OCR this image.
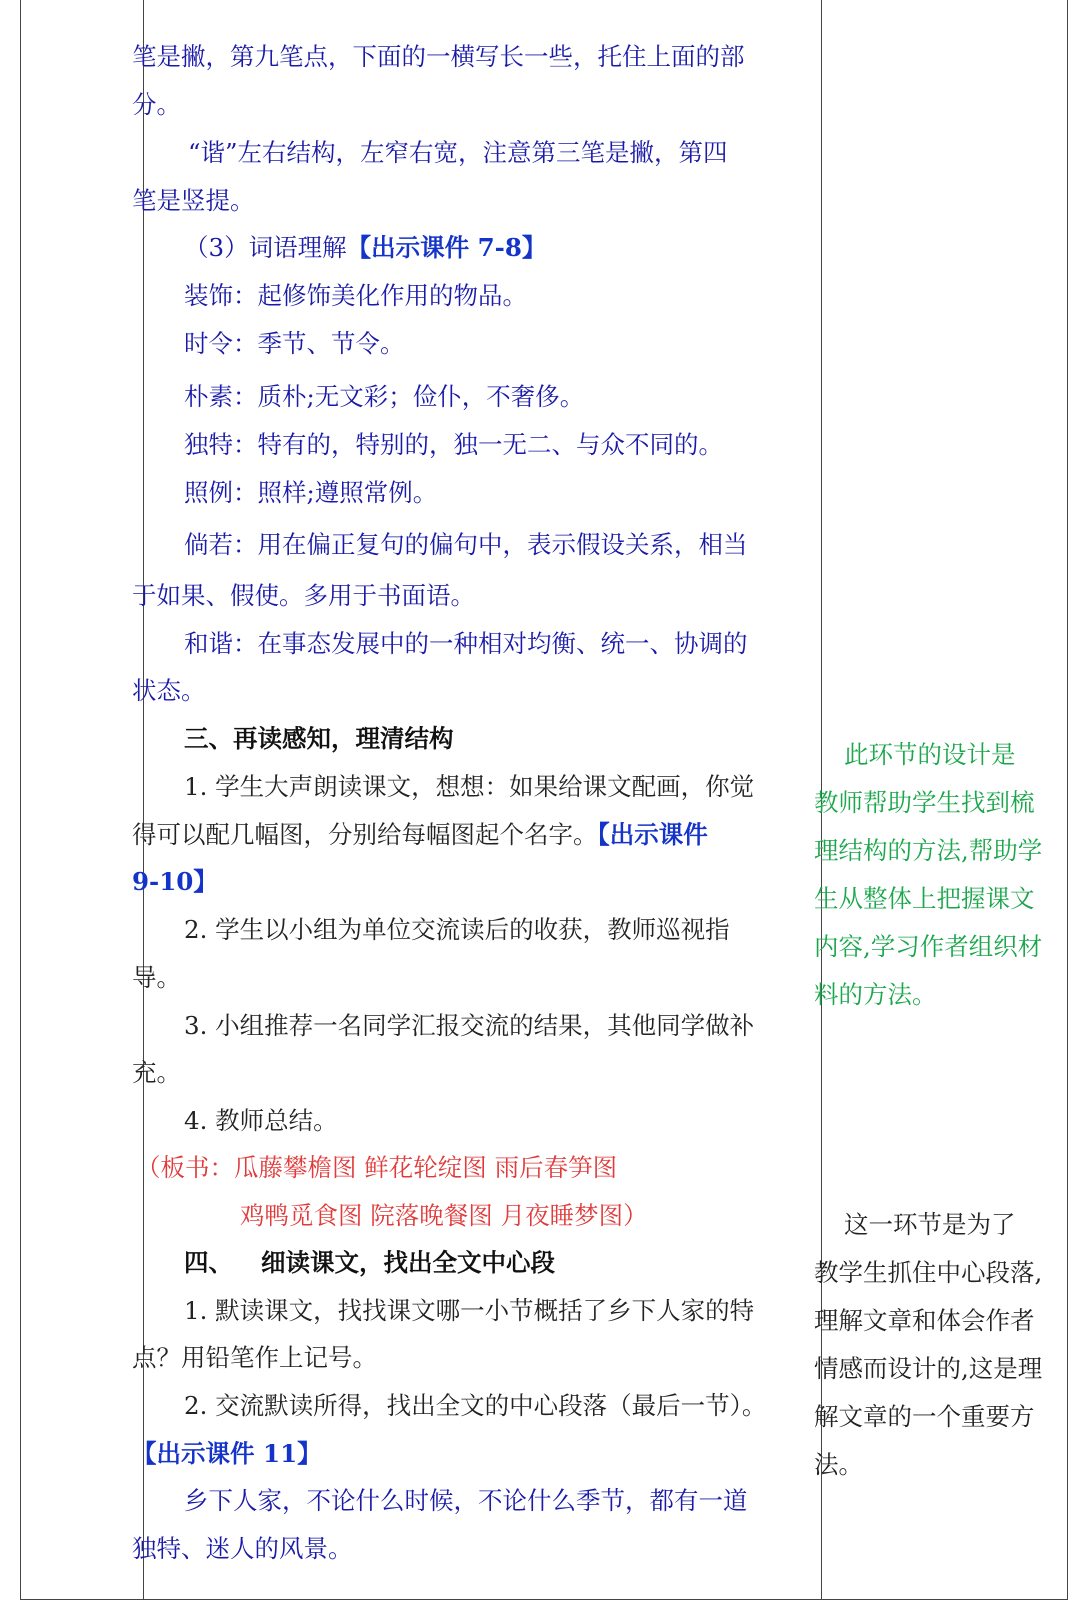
笔是撇，第九笔点，下面的一横写长一些，托住上面的部
分。
“谐”左右结构，左窄右宽，注意第三笔是撇，第四
笔是竖提。
（3）词语理解【出示课件 7-8】
装饰：起修饰美化作用的物品。
时令：季节、节令。
朴素：质朴;无文彩；俭仆，不奢侈。
独特：特有的，特别的，独一无二、与众不同的。
照例：照样;遵照常例。
倘若：用在偏正复句的偏句中，表示假设关系，相当
于如果、假使。多用于书面语。
和谐：在事态发展中的一种相对均衡、统一、协调的
状态。
三、再读感知，理清结构
1. 学生大声朗读课文，想想：如果给课文配画，你觉
得可以配几幅图，分别给每幅图起个名字。【出示课件
9-10】
2. 学生以小组为单位交流读后的收获，教师巡视指
导。
3. 小组推荐一名同学汇报交流的结果，其他同学做补
充。
4. 教师总结。
（板书：瓜藤攀檐图 鲜花轮绽图 雨后春笋图
鸡鸭觅食图 院落晚餐图 月夜睡梦图）
四、 细读课文，找出全文中心段
1. 默读课文，找找课文哪一小节概括了乡下人家的特
点？用铅笔作上记号。
2. 交流默读所得，找出全文的中心段落（最后一节）。
【出示课件 11】
乡下人家，不论什么时候，不论什么季节，都有一道
独特、迷人的风景。
此环节的设计是
教师帮助学生找到梳
理结构的方法,帮助学
生从整体上把握课文
内容,学习作者组织材
料的方法。
这一环节是为了
教学生抓住中心段落,
理解文章和体会作者
情感而设计的,这是理
解文章的一个重要方
法。
